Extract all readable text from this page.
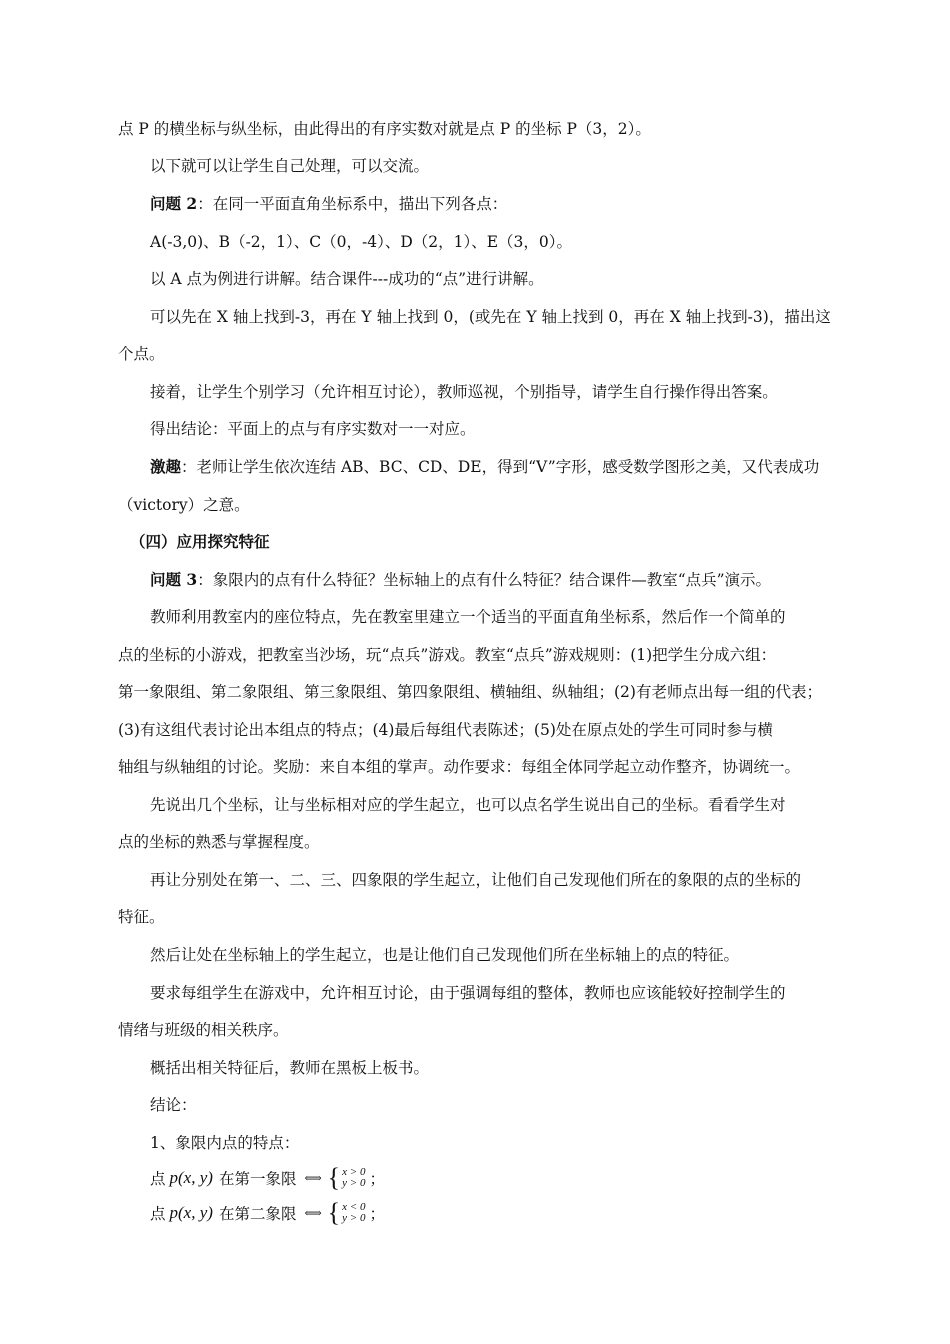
点 P 的横坐标与纵坐标，由此得出的有序实数对就是点 P 的坐标 P（3，2）。
以下就可以让学生自己处理，可以交流。
问题 2：在同一平面直角坐标系中，描出下列各点：
A(-3,0)、B（-2，1）、C（0，-4）、D（2，1）、E（3，0）。
以 A 点为例进行讲解。结合课件---成功的“点”进行讲解。
可以先在 X 轴上找到-3，再在 Y 轴上找到 0，(或先在 Y 轴上找到 0，再在 X 轴上找到-3)，描出这
个点。
接着，让学生个别学习（允许相互讨论），教师巡视，个别指导，请学生自行操作得出答案。
得出结论：平面上的点与有序实数对一一对应。
激趣：老师让学生依次连结 AB、BC、CD、DE，得到“V”字形，感受数学图形之美，又代表成功
（victory）之意。
（四）应用探究特征
问题 3：象限内的点有什么特征？坐标轴上的点有什么特征？结合课件—教室“点兵”演示。
教师利用教室内的座位特点，先在教室里建立一个适当的平面直角坐标系，然后作一个简单的
点的坐标的小游戏，把教室当沙场，玩“点兵”游戏。教室“点兵”游戏规则：(1)把学生分成六组：
第一象限组、第二象限组、第三象限组、第四象限组、横轴组、纵轴组；(2)有老师点出每一组的代表；
(3)有这组代表讨论出本组点的特点；(4)最后每组代表陈述；(5)处在原点处的学生可同时参与横
轴组与纵轴组的讨论。奖励：来自本组的掌声。动作要求：每组全体同学起立动作整齐，协调统一。
先说出几个坐标，让与坐标相对应的学生起立，也可以点名学生说出自己的坐标。看看学生对
点的坐标的熟悉与掌握程度。
再让分别处在第一、二、三、四象限的学生起立，让他们自己发现他们所在的象限的点的坐标的
特征。
然后让处在坐标轴上的学生起立，也是让他们自己发现他们所在坐标轴上的点的特征。
要求每组学生在游戏中，允许相互讨论，由于强调每组的整体，教师也应该能较好控制学生的
情绪与班级的相关秩序。
概括出相关特征后，教师在黑板上板书。
结论：
1、象限内点的特点：
点 p(x, y) 在第一象限 ⟺ { x > 0
y > 0 ；
点 p(x, y) 在第二象限 ⟺ { x < 0
y > 0 ；
